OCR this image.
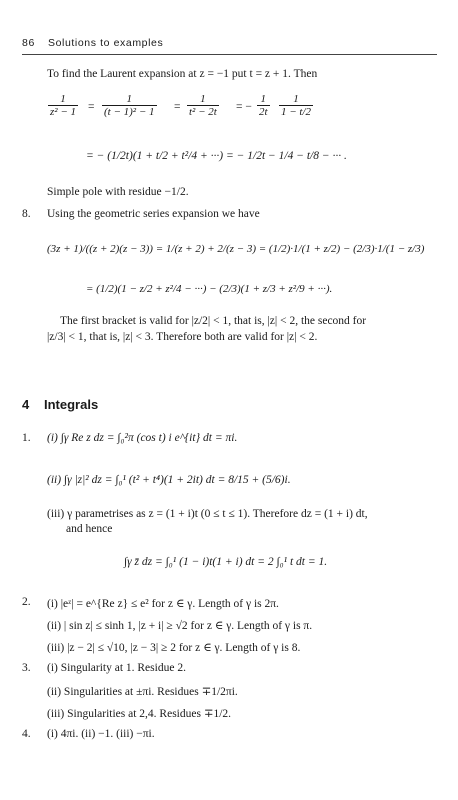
86 Solutions to examples
To find the Laurent expansion at z = −1 put t = z + 1. Then
$\frac{1}{\text{z² − 1}} = \frac{1}{\text{(t − 1)² − 1}} = \frac{1}{\text{t² − 2t}}$ = − $\frac{1}{2t} \frac{1}{1 - t/2}$
= − (1/2t)(1 + t/2 + t²/4 + ···) = − 1/2t − 1/4 − t/8 − ··· .
Simple pole with residue −1/2.
8. Using the geometric series expansion we have
(3z + 1)/((z + 2)(z − 3)) = 1/(z + 2) + 2/(z − 3) = (1/2)·1/(1 + z/2) − (2/3)·1/(1 − z/3)
= (1/2)(1 − z/2 + z²/4 − ···) − (2/3)(1 + z/3 + z²/9 + ···).
The first bracket is valid for |z/2| < 1, that is, |z| < 2, the second for
|z/3| < 1, that is, |z| < 3. Therefore both are valid for |z| < 2.
4 Integrals
1. (i) ∫γ Re z dz = ∫₀²π (cos t) i e^{it} dt = πi.
(ii) ∫γ |z|² dz = ∫₀¹ (t² + t⁴)(1 + 2it) dt = 8/15 + (5/6)i.
(iii) γ parametrises as z = (1 + i)t (0 ≤ t ≤ 1). Therefore dz = (1 + i) dt,
and hence
∫γ z̄ dz = ∫₀¹ (1 − i)t(1 + i) dt = 2 ∫₀¹ t dt = 1.
2. (i) |eᶻ| = e^{Re z} ≤ e² for z ∈ γ. Length of γ is 2π.
(ii) | sin z| ≤ sinh 1, |z + i| ≥ √2 for z ∈ γ. Length of γ is π.
(iii) |z − 2| ≤ √10, |z − 3| ≥ 2 for z ∈ γ. Length of γ is 8.
3. (i) Singularity at 1. Residue 2.
(ii) Singularities at ±πi. Residues ∓1/2πi.
(iii) Singularities at 2,4. Residues ∓1/2.
4. (i) 4πi. (ii) −1. (iii) −πi.
